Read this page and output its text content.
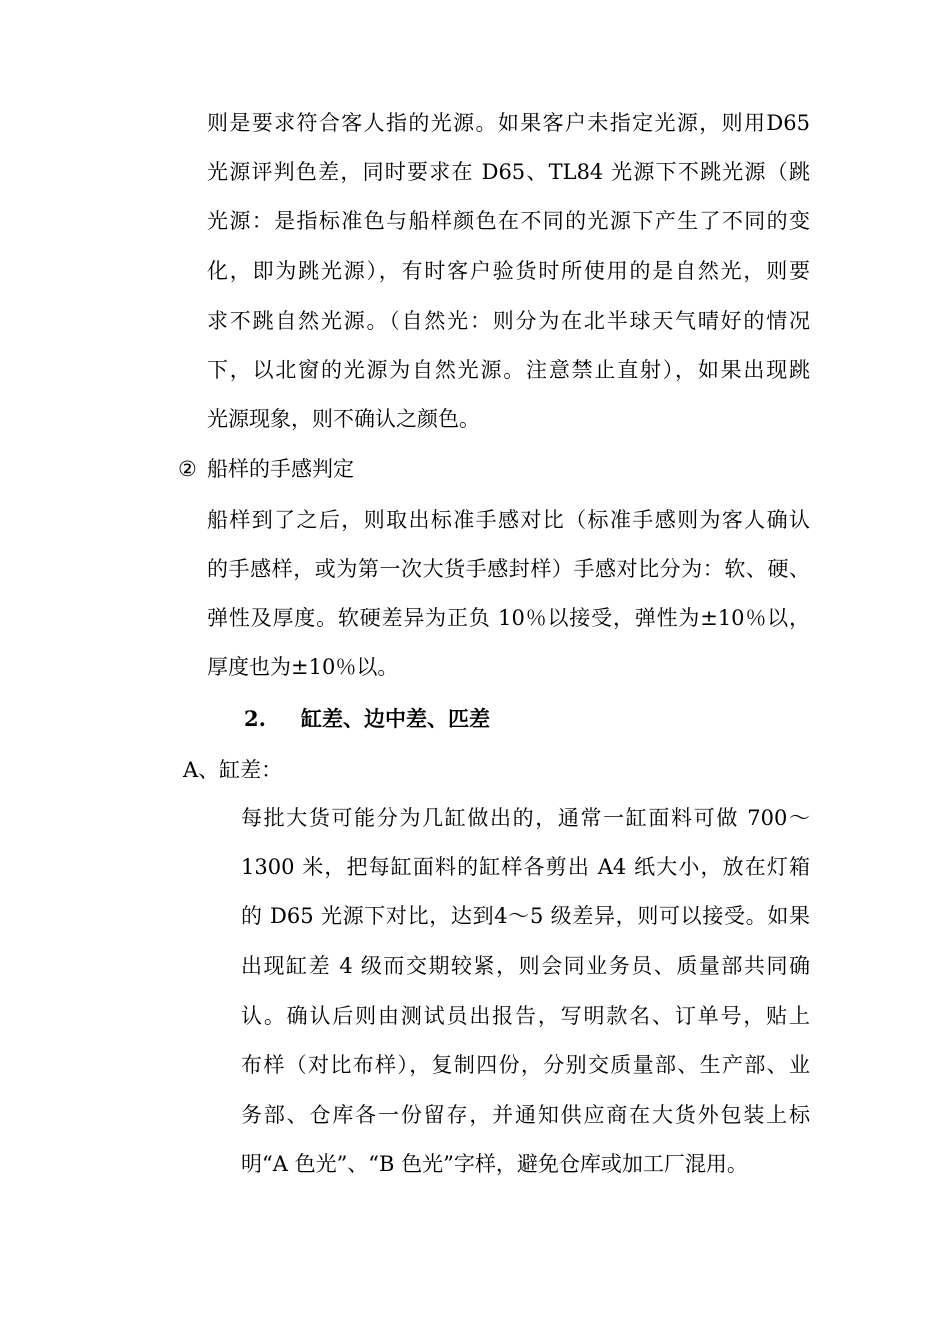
则是要求符合客人指的光源。如果客户未指定光源，则用D65
光源评判色差，同时要求在 D65、TL84 光源下不跳光源（跳
光源：是指标准色与船样颜色在不同的光源下产生了不同的变
化，即为跳光源），有时客户验货时所使用的是自然光，则要
求不跳自然光源。（自然光：则分为在北半球天气晴好的情况
下，以北窗的光源为自然光源。注意禁止直射），如果出现跳
光源现象，则不确认之颜色。
② 船样的手感判定
船样到了之后，则取出标准手感对比（标准手感则为客人确认
的手感样，或为第一次大货手感封样）手感对比分为：软、硬、
弹性及厚度。软硬差异为正负 10％以接受，弹性为±10％以，
厚度也为±10％以。
2. 缸差、边中差、匹差
A、缸差：
每批大货可能分为几缸做出的，通常一缸面料可做 700～
1300 米，把每缸面料的缸样各剪出 A4 纸大小，放在灯箱
的 D65 光源下对比，达到4～5 级差异，则可以接受。如果
出现缸差 4 级而交期较紧，则会同业务员、质量部共同确
认。确认后则由测试员出报告，写明款名、订单号，贴上
布样（对比布样），复制四份，分别交质量部、生产部、业
务部、仓库各一份留存，并通知供应商在大货外包装上标
明“A 色光”、“B 色光”字样，避免仓库或加工厂混用。
